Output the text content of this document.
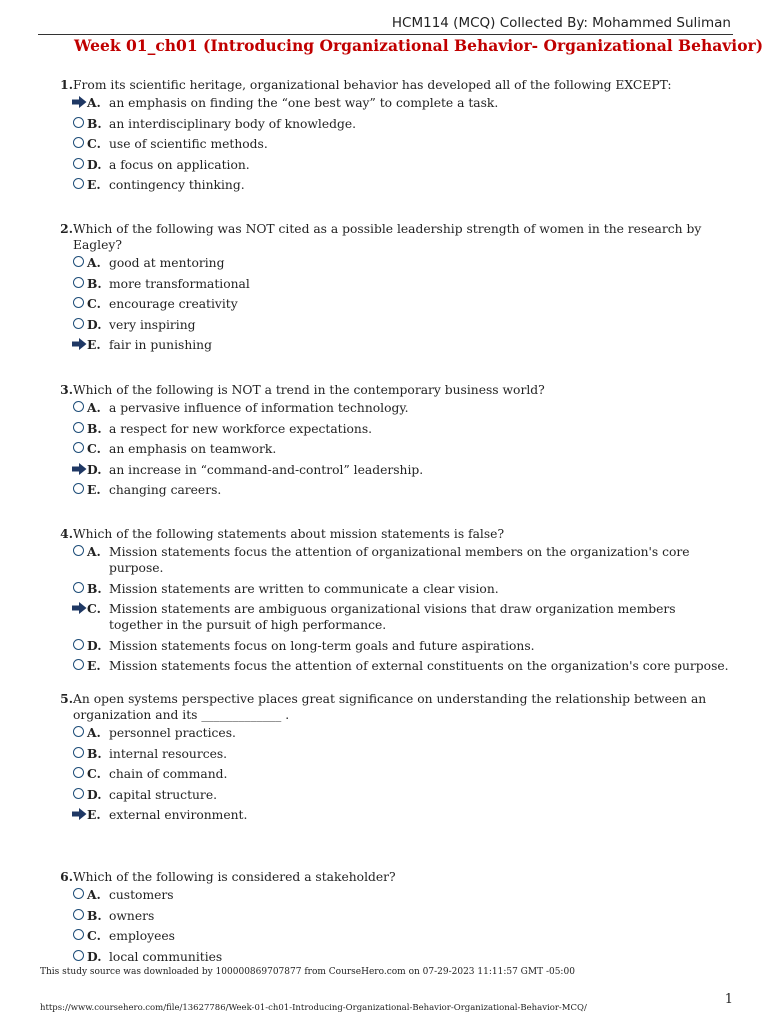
HCM114 (MCQ) Collected By: Mohammed Suliman
Week 01_ch01 (Introducing Organizational Behavior- Organizational Behavior)
1. From its scientific heritage, organizational behavior has developed all of the following EXCEPT:
A. an emphasis on finding the “one best way” to complete a task.
B. an interdisciplinary body of knowledge.
C. use of scientific methods.
D. a focus on application.
E. contingency thinking.
2. Which of the following was NOT cited as a possible leadership strength of women in the research by Eagley?
A. good at mentoring
B. more transformational
C. encourage creativity
D. very inspiring
E. fair in punishing
3. Which of the following is NOT a trend in the contemporary business world?
A. a pervasive influence of information technology.
B. a respect for new workforce expectations.
C. an emphasis on teamwork.
D. an increase in “command-and-control” leadership.
E. changing careers.
4. Which of the following statements about mission statements is false?
A. Mission statements focus the attention of organizational members on the organization's core purpose.
B. Mission statements are written to communicate a clear vision.
C. Mission statements are ambiguous organizational visions that draw organization members together in the pursuit of high performance.
D. Mission statements focus on long-term goals and future aspirations.
E. Mission statements focus the attention of external constituents on the organization's core purpose.
5. An open systems perspective places great significance on understanding the relationship between an organization and its _____________ .
A. personnel practices.
B. internal resources.
C. chain of command.
D. capital structure.
E. external environment.
6. Which of the following is considered a stakeholder?
A. customers
B. owners
C. employees
D. local communities
This study source was downloaded by 100000869707877 from CourseHero.com on 07-29-2023 11:11:57 GMT -05:00
https://www.coursehero.com/file/13627786/Week-01-ch01-Introducing-Organizational-Behavior-Organizational-Behavior-MCQ/
1
